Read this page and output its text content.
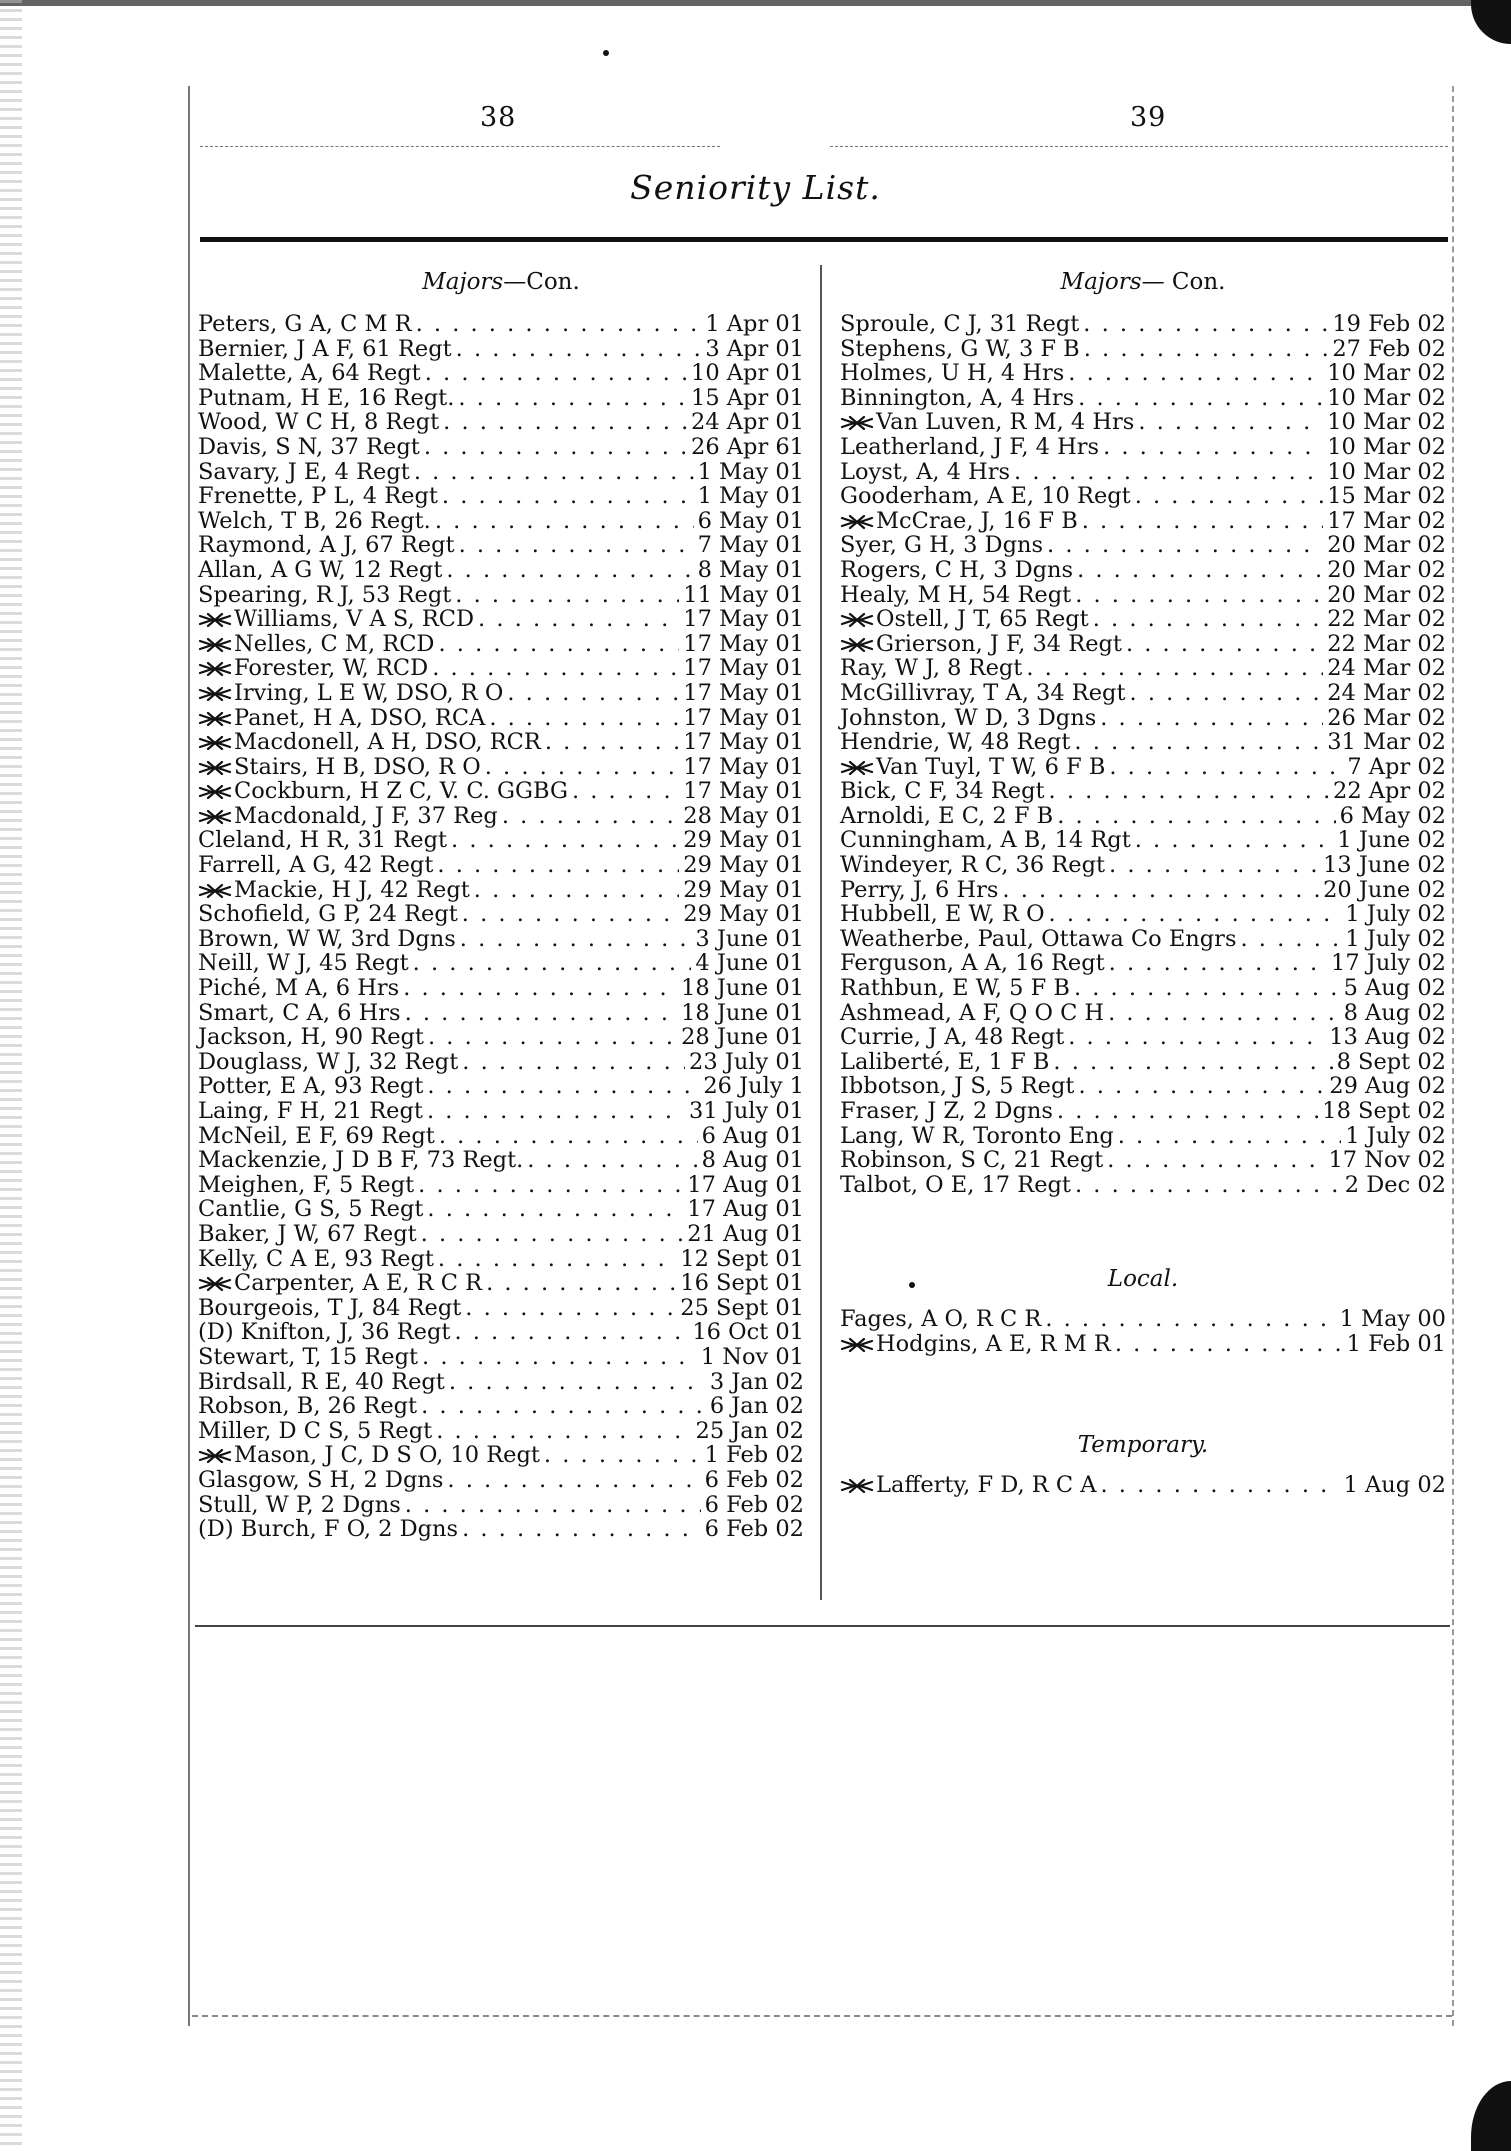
38	39
Seniority List.
Majors—Con.
Peters, G A, C M R . . .	1 Apr 01
Bernier, J A F, 61 Regt . . .	3 Apr 01
Malette, A, 64 Regt . . .	10 Apr 01
Putnam, H E, 16 Regt. . . .	15 Apr 01
Wood, W C H, 8 Regt . . .	24 Apr 01
Davis, S N, 37 Regt . . .	26 Apr 61
Savary, J E, 4 Regt . . .	1 May 01
Frenette, P L, 4 Regt . . .	1 May 01
Welch, T B, 26 Regt. . . .	6 May 01
Raymond, A J, 67 Regt . . .	7 May 01
Allan, A G W, 12 Regt . . .	8 May 01
Spearing, R J, 53 Regt . . .	11 May 01
Williams, V A S, RCD . . .	17 May 01
Nelles, C M, RCD . . .	17 May 01
Forester, W, RCD . . .	17 May 01
Irving, L E W, DSO, R O . . .	17 May 01
Panet, H A, DSO, RCA . . .	17 May 01
Macdonell, A H, DSO, RCR . . .	17 May 01
Stairs, H B, DSO, R O . . .	17 May 01
Cockburn, H Z C, V. C. GGBG . . .	17 May 01
Macdonald, J F, 37 Reg . . .	28 May 01
Cleland, H R, 31 Regt . . .	29 May 01
Farrell, A G, 42 Regt . . .	29 May 01
Mackie, H J, 42 Regt . . .	29 May 01
Schofield, G P, 24 Regt . . .	29 May 01
Brown, W W, 3rd Dgns . . .	3 June 01
Neill, W J, 45 Regt . . .	4 June 01
Piché, M A, 6 Hrs . . .	18 June 01
Smart, C A, 6 Hrs . . .	18 June 01
Jackson, H, 90 Regt . . .	28 June 01
Douglass, W J, 32 Regt . . .	23 July 01
Potter, E A, 93 Regt . . .	26 July 1
Laing, F H, 21 Regt . . .	31 July 01
McNeil, E F, 69 Regt . . .	6 Aug 01
Mackenzie, J D B F, 73 Regt. . . .	8 Aug 01
Meighen, F, 5 Regt . . .	17 Aug 01
Cantlie, G S, 5 Regt . . .	17 Aug 01
Baker, J W, 67 Regt . . .	21 Aug 01
Kelly, C A E, 93 Regt . . .	12 Sept 01
Carpenter, A E, R C R . . .	16 Sept 01
Bourgeois, T J, 84 Regt . . .	25 Sept 01
(D) Knifton, J, 36 Regt . . .	16 Oct 01
Stewart, T, 15 Regt . . .	1 Nov 01
Birdsall, R E, 40 Regt . . .	3 Jan 02
Robson, B, 26 Regt . . .	6 Jan 02
Miller, D C S, 5 Regt . . .	25 Jan 02
Mason, J C, D S O, 10 Regt . . .	1 Feb 02
Glasgow, S H, 2 Dgns . . .	6 Feb 02
Stull, W P, 2 Dgns . . .	6 Feb 02
(D) Burch, F O, 2 Dgns . . .	6 Feb 02
Majors— Con.
Sproule, C J, 31 Regt . . .	19 Feb 02
Stephens, G W, 3 F B . . .	27 Feb 02
Holmes, U H, 4 Hrs . . .	10 Mar 02
Binnington, A, 4 Hrs . . .	10 Mar 02
Van Luven, R M, 4 Hrs . . .	10 Mar 02
Leatherland, J F, 4 Hrs . . .	10 Mar 02
Loyst, A, 4 Hrs . . .	10 Mar 02
Gooderham, A E, 10 Regt . . .	15 Mar 02
McCrae, J, 16 F B . . .	17 Mar 02
Syer, G H, 3 Dgns . . .	20 Mar 02
Rogers, C H, 3 Dgns . . .	20 Mar 02
Healy, M H, 54 Regt . . .	20 Mar 02
Ostell, J T, 65 Regt . . .	22 Mar 02
Grierson, J F, 34 Regt . . .	22 Mar 02
Ray, W J, 8 Regt . . .	24 Mar 02
McGillivray, T A, 34 Regt . . .	24 Mar 02
Johnston, W D, 3 Dgns . . .	26 Mar 02
Hendrie, W, 48 Regt . . .	31 Mar 02
Van Tuyl, T W, 6 F B . . .	7 Apr 02
Bick, C F, 34 Regt . . .	22 Apr 02
Arnoldi, E C, 2 F B . . .	6 May 02
Cunningham, A B, 14 Rgt . . .	1 June 02
Windeyer, R C, 36 Regt . . .	13 June 02
Perry, J, 6 Hrs . . .	20 June 02
Hubbell, E W, R O . . .	1 July 02
Weatherbe, Paul, Ottawa Co Engrs . . .	1 July 02
Ferguson, A A, 16 Regt . . .	17 July 02
Rathbun, E W, 5 F B . . .	5 Aug 02
Ashmead, A F, Q O C H . . .	8 Aug 02
Currie, J A, 48 Regt . . .	13 Aug 02
Laliberté, E, 1 F B . . .	8 Sept 02
Ibbotson, J S, 5 Regt . . .	29 Aug 02
Fraser, J Z, 2 Dgns . . .	18 Sept 02
Lang, W R, Toronto Eng . . .	1 July 02
Robinson, S C, 21 Regt . . .	17 Nov 02
Talbot, O E, 17 Regt . . .	2 Dec 02
Local.
Fages, A O, R C R . . .	1 May 00
Hodgins, A E, R M R . . .	1 Feb 01
Temporary.
Lafferty, F D, R C A . . .	1 Aug 02
